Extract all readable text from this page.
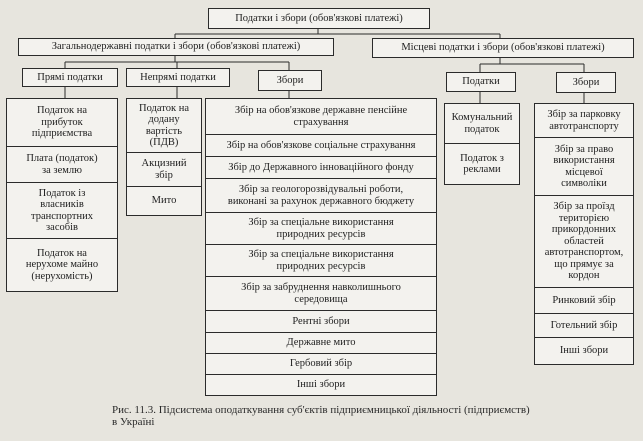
Податки і збори (обов'язкові платежі)
Загальнодержавні податки і збори (обов'язкові платежі)	Місцеві податки і збори (обов'язкові платежі)
Прямі податки	Непрямі податки	Збори	Податки	Збори
Податок на
прибуток
підприємства
Плата (податок)
за землю
Податок із
власників
транспортних
засобів
Податок на
нерухоме майно
(нерухомість)
Податок на
додану
вартість
(ПДВ)
Акцизний
збір
Мито
Збір на обов'язкове державне пенсійне
страхування
Збір на обов'язкове соціальне страхування
Збір до Державного інноваційного фонду
Збір за геологорозвідувальні роботи,
виконані за рахунок державного бюджету
Збір за спеціальне використання
природних ресурсів
Збір за спеціальне використання
природних ресурсів
Збір за забруднення навколишнього
середовища
Рентні збори
Державне мито
Гербовий збір
Інші збори
Комунальний
податок
Податок з
реклами
Збір за парковку
автотранспорту
Збір за право
використання
місцевої
символіки
Збір за проїзд
територією
прикордонних
областей
автотранспортом,
що прямує за
кордон
Ринковий збір
Готельний збір
Інші збори
Рис. 11.3. Підсистема оподаткування суб'єктів підприємницької діяльності (підприємств)
в Україні
